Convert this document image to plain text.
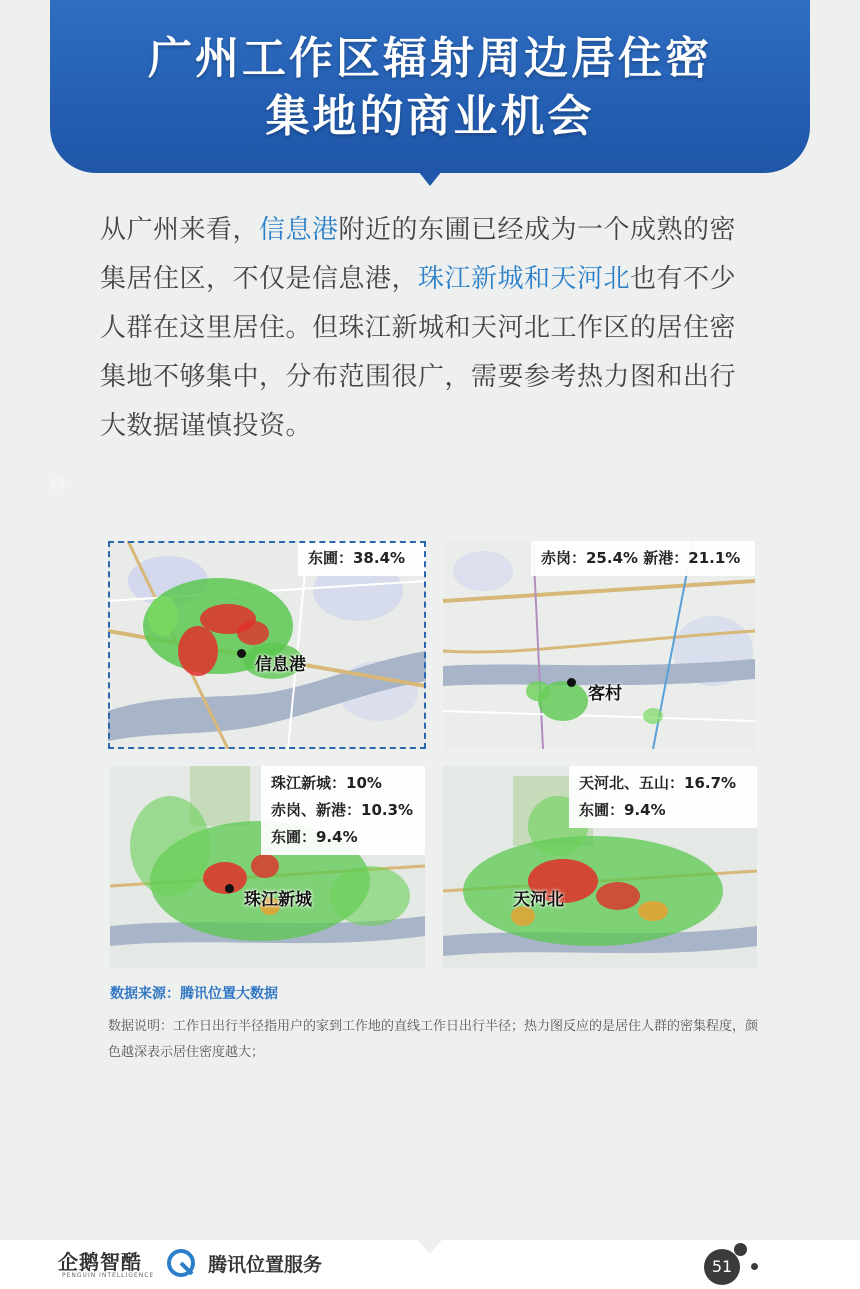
广州工作区辐射周边居住密
集地的商业机会
从广州来看，信息港附近的东圃已经成为一个成熟的密集居住区，不仅是信息港，珠江新城和天河北也有不少人群在这里居住。但珠江新城和天河北工作区的居住密集地不够集中，分布范围很广，需要参考热力图和出行大数据谨慎投资。
47
东圃：38.4%
信息港
赤岗：25.4% 新港：21.1%
客村
珠江新城：10%
赤岗、新港：10.3%
东圃：9.4%
珠江新城
天河北、五山：16.7%
东圃：9.4%
天河北
数据来源：腾讯位置大数据
数据说明：工作日出行半径指用户的家到工作地的直线工作日出行半径；热力图反应的是居住人群的密集程度，颜色越深表示居住密度越大；
企鹅智酷
PENGUIN INTELLIGENCE	腾讯位置服务	51
